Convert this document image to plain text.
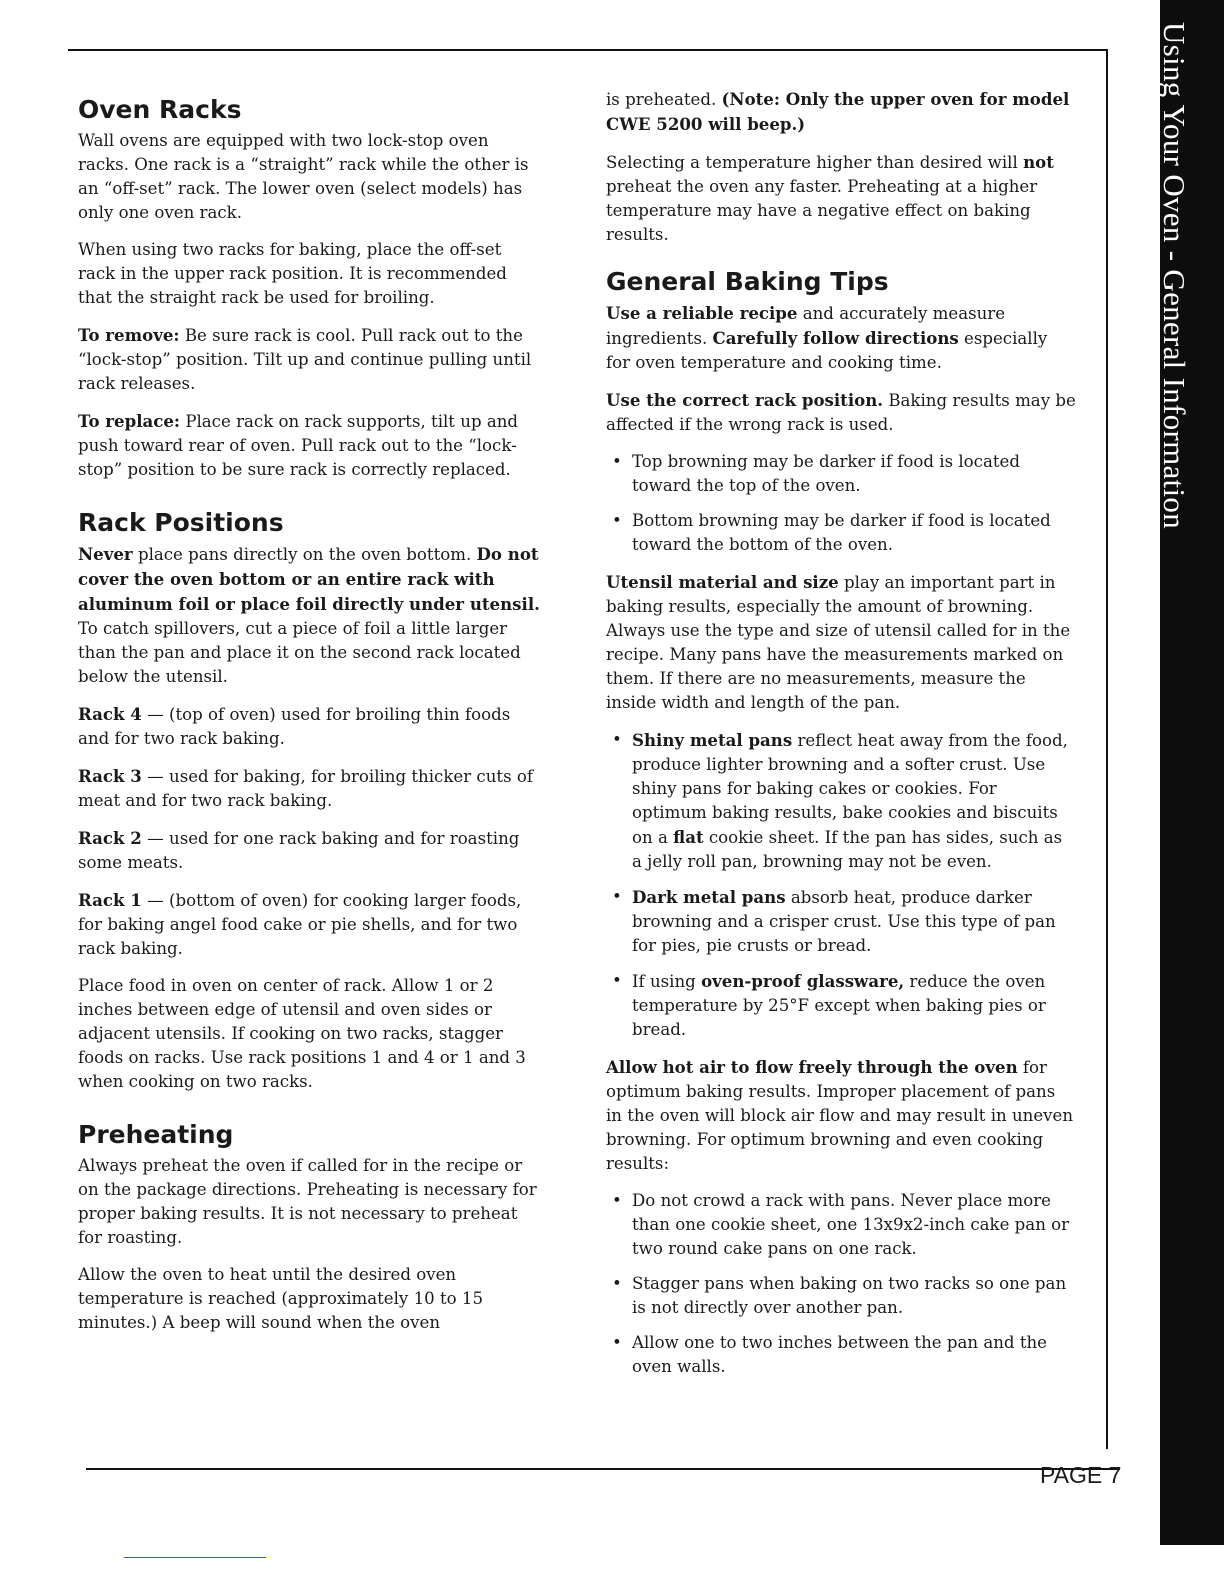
Using Your Oven - General Information
Oven Racks

Wall ovens are equipped with two lock-stop oven racks. One rack is a “straight” rack while the other is an “off-set” rack. The lower oven (select models) has only one oven rack.

When using two racks for baking, place the off-set rack in the upper rack position. It is recommended that the straight rack be used for broiling.

To remove: Be sure rack is cool. Pull rack out to the “lock-stop” position. Tilt up and continue pulling until rack releases.

To replace: Place rack on rack supports, tilt up and push toward rear of oven. Pull rack out to the “lock-stop” position to be sure rack is correctly replaced.

Rack Positions

Never place pans directly on the oven bottom. Do not cover the oven bottom or an entire rack with aluminum foil or place foil directly under utensil. To catch spillovers, cut a piece of foil a little larger than the pan and place it on the second rack located below the utensil.

Rack 4 — (top of oven) used for broiling thin foods and for two rack baking.

Rack 3 — used for baking, for broiling thicker cuts of meat and for two rack baking.

Rack 2 — used for one rack baking and for roasting some meats.

Rack 1 — (bottom of oven) for cooking larger foods, for baking angel food cake or pie shells, and for two rack baking.

Place food in oven on center of rack. Allow 1 or 2 inches between edge of utensil and oven sides or adjacent utensils. If cooking on two racks, stagger foods on racks. Use rack positions 1 and 4 or 1 and 3 when cooking on two racks.

Preheating

Always preheat the oven if called for in the recipe or on the package directions. Preheating is necessary for proper baking results. It is not necessary to preheat for roasting.

Allow the oven to heat until the desired oven temperature is reached (approximately 10 to 15 minutes.) A beep will sound when the oven

is preheated. (Note: Only the upper oven for model CWE 5200 will beep.)

Selecting a temperature higher than desired will not preheat the oven any faster. Preheating at a higher temperature may have a negative effect on baking results.

General Baking Tips

Use a reliable recipe and accurately measure ingredients. Carefully follow directions especially for oven temperature and cooking time.

Use the correct rack position. Baking results may be affected if the wrong rack is used.

• Top browning may be darker if food is located toward the top of the oven.
• Bottom browning may be darker if food is located toward the bottom of the oven.

Utensil material and size play an important part in baking results, especially the amount of browning. Always use the type and size of utensil called for in the recipe. Many pans have the measurements marked on them. If there are no measurements, measure the inside width and length of the pan.

• Shiny metal pans reflect heat away from the food, produce lighter browning and a softer crust. Use shiny pans for baking cakes or cookies. For optimum baking results, bake cookies and biscuits on a flat cookie sheet. If the pan has sides, such as a jelly roll pan, browning may not be even.
• Dark metal pans absorb heat, produce darker browning and a crisper crust. Use this type of pan for pies, pie crusts or bread.
• If using oven-proof glassware, reduce the oven temperature by 25°F except when baking pies or bread.

Allow hot air to flow freely through the oven for optimum baking results. Improper placement of pans in the oven will block air flow and may result in uneven browning. For optimum browning and even cooking results:

• Do not crowd a rack with pans. Never place more than one cookie sheet, one 13x9x2-inch cake pan or two round cake pans on one rack.
• Stagger pans when baking on two racks so one pan is not directly over another pan.
• Allow one to two inches between the pan and the oven walls.
PAGE 7
